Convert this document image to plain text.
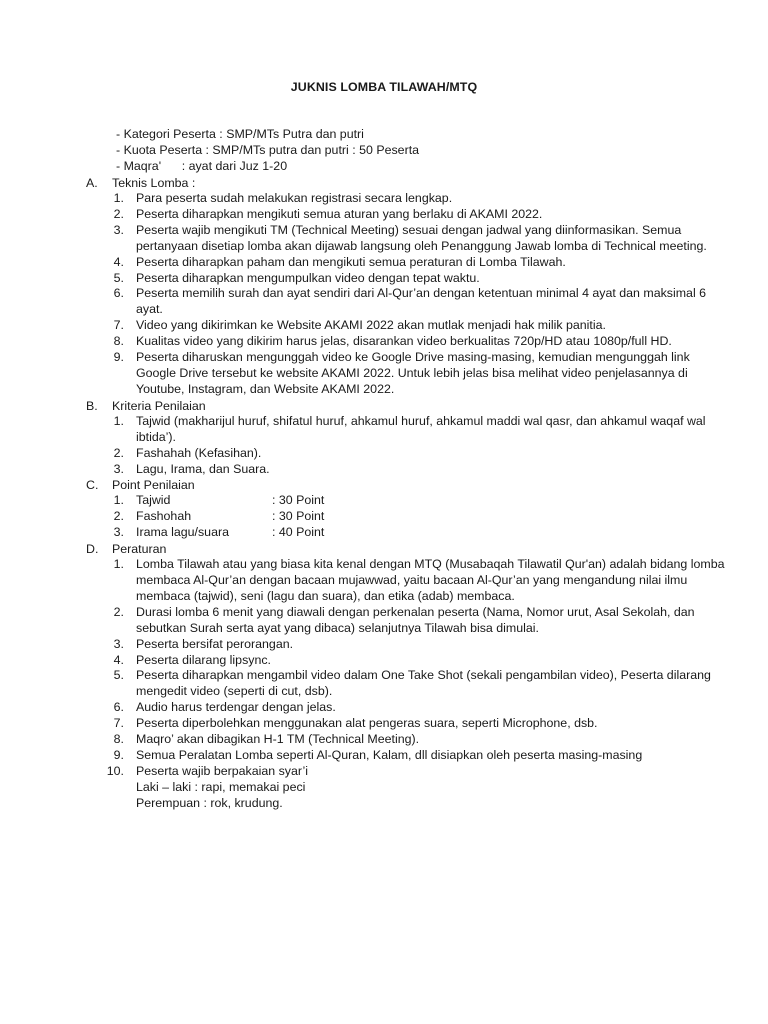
JUKNIS LOMBA TILAWAH/MTQ
- Kategori Peserta : SMP/MTs Putra dan putri
- Kuota Peserta : SMP/MTs putra dan putri : 50 Peserta
- Maqra'      : ayat dari Juz 1-20
A.	Teknis Lomba :
1. Para peserta sudah melakukan registrasi secara lengkap.
2. Peserta diharapkan mengikuti semua aturan yang berlaku di AKAMI 2022.
3. Peserta wajib mengikuti TM (Technical Meeting) sesuai dengan jadwal yang diinformasikan. Semua pertanyaan disetiap lomba akan dijawab langsung oleh Penanggung Jawab lomba di Technical meeting.
4. Peserta diharapkan paham dan mengikuti semua peraturan di Lomba Tilawah.
5. Peserta diharapkan mengumpulkan video dengan tepat waktu.
6. Peserta memilih surah dan ayat sendiri dari Al-Qur’an dengan ketentuan minimal 4 ayat dan maksimal 6 ayat.
7. Video yang dikirimkan ke Website AKAMI 2022 akan mutlak menjadi hak milik panitia.
8. Kualitas video yang dikirim harus jelas, disarankan video berkualitas 720p/HD atau 1080p/full HD.
9. Peserta diharuskan mengunggah video ke Google Drive masing-masing, kemudian mengunggah link Google Drive tersebut ke website AKAMI 2022. Untuk lebih jelas bisa melihat video penjelasannya di Youtube, Instagram, dan Website AKAMI 2022.
B.	Kriteria Penilaian
1. Tajwid (makharijul huruf, shifatul huruf, ahkamul huruf, ahkamul maddi wal qasr, dan ahkamul waqaf wal ibtida’).
2. Fashahah (Kefasihan).
3. Lagu, Irama, dan Suara.
C.	Point Penilaian
1. Tajwid	: 30 Point
2. Fashohah	: 30 Point
3. Irama lagu/suara	: 40 Point
D.	Peraturan
1. Lomba Tilawah atau yang biasa kita kenal dengan MTQ (Musabaqah Tilawatil Qur'an) adalah bidang lomba membaca Al-Qur’an dengan bacaan mujawwad, yaitu bacaan Al-Qur’an yang mengandung nilai ilmu membaca (tajwid), seni (lagu dan suara), dan etika (adab) membaca.
2. Durasi lomba 6 menit yang diawali dengan perkenalan peserta (Nama, Nomor urut, Asal Sekolah, dan sebutkan Surah serta ayat yang dibaca) selanjutnya Tilawah bisa dimulai.
3. Peserta bersifat perorangan.
4. Peserta dilarang lipsync.
5. Peserta diharapkan mengambil video dalam One Take Shot (sekali pengambilan video), Peserta dilarang mengedit video (seperti di cut, dsb).
6. Audio harus terdengar dengan jelas.
7. Peserta diperbolehkan menggunakan alat pengeras suara, seperti Microphone, dsb.
8. Maqro’ akan dibagikan H-1 TM (Technical Meeting).
9. Semua Peralatan Lomba seperti Al-Quran, Kalam, dll disiapkan oleh peserta masing-masing
10. Peserta wajib berpakaian syar’i
Laki – laki : rapi, memakai peci
Perempuan : rok, krudung.
